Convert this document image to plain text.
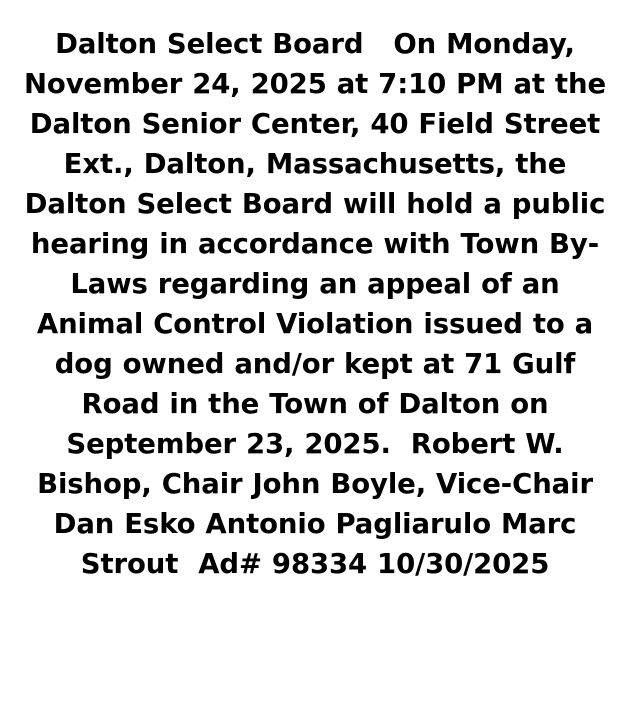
Dalton Select Board   On Monday, November 24, 2025 at 7:10 PM at the Dalton Senior Center, 40 Field Street Ext., Dalton, Massachusetts, the Dalton Select Board will hold a public hearing in accordance with Town By-Laws regarding an appeal of an Animal Control Violation issued to a dog owned and/or kept at 71 Gulf Road in the Town of Dalton on September 23, 2025.  Robert W. Bishop, Chair John Boyle, Vice-Chair Dan Esko Antonio Pagliarulo Marc Strout  Ad# 98334 10/30/2025
